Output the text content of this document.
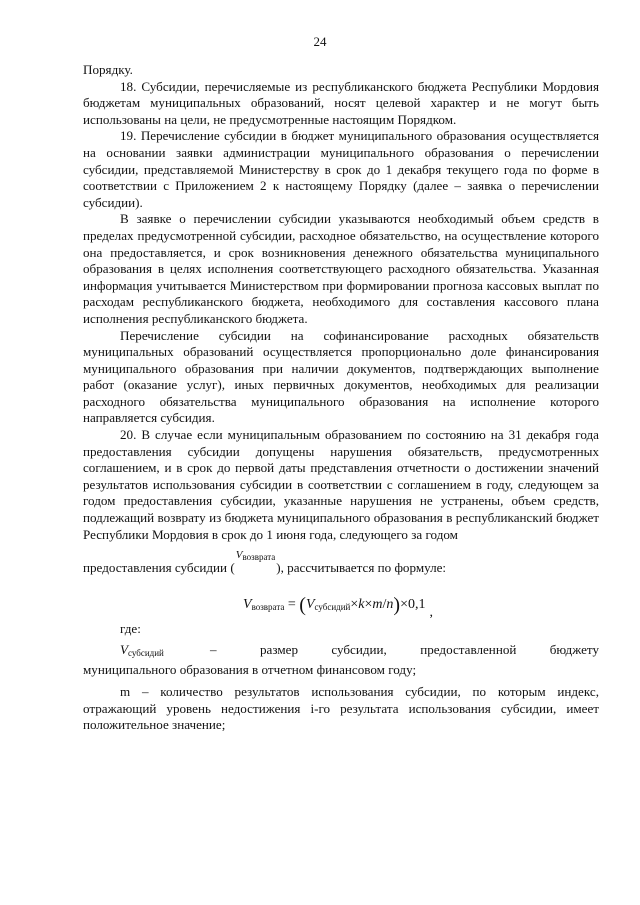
24

Порядку.

18. Субсидии, перечисляемые из республиканского бюджета Республики Мордовия бюджетам муниципальных образований, носят целевой характер и не могут быть использованы на цели, не предусмотренные настоящим Порядком.

19. Перечисление субсидии в бюджет муниципального образования осуществляется на основании заявки администрации муниципального образования о перечислении субсидии, представляемой Министерству в срок до 1 декабря текущего года по форме в соответствии с Приложением 2 к настоящему Порядку (далее – заявка о перечислении субсидии).

В заявке о перечислении субсидии указываются необходимый объем средств в пределах предусмотренной субсидии, расходное обязательство, на осуществление которого она предоставляется, и срок возникновения денежного обязательства муниципального образования в целях исполнения соответствующего расходного обязательства. Указанная информация учитывается Министерством при формировании прогноза кассовых выплат по расходам республиканского бюджета, необходимого для составления кассового плана исполнения республиканского бюджета.

Перечисление субсидии на софинансирование расходных обязательств муниципальных образований осуществляется пропорционально доле финансирования муниципального образования при наличии документов, подтверждающих выполнение работ (оказание услуг), иных первичных документов, необходимых для реализации расходного обязательства муниципального образования на исполнение которого направляется субсидия.

20. В случае если муниципальным образованием по состоянию на 31 декабря года предоставления субсидии допущены нарушения обязательств, предусмотренных соглашением, и в срок до первой даты представления отчетности о достижении значений результатов использования субсидии в соответствии с соглашением в году, следующем за годом предоставления субсидии, указанные нарушения не устранены, объем средств, подлежащий возврату из бюджета муниципального образования в республиканский бюджет Республики Мордовия в срок до 1 июня года, следующего за годом

предоставления субсидии ($^{V_{возврата}}$), рассчитывается по формуле:

$V_{возврата} = (V_{субсидий}\times k\times m/n)\times 0,1$,

где:

$V_{субсидий}$	–	размер субсидии, предоставленной бюджету

муниципального образования в отчетном финансовом году;

m – количество результатов использования субсидии, по которым индекс, отражающий уровень недостижения i-го результата использования субсидии, имеет положительное значение;
